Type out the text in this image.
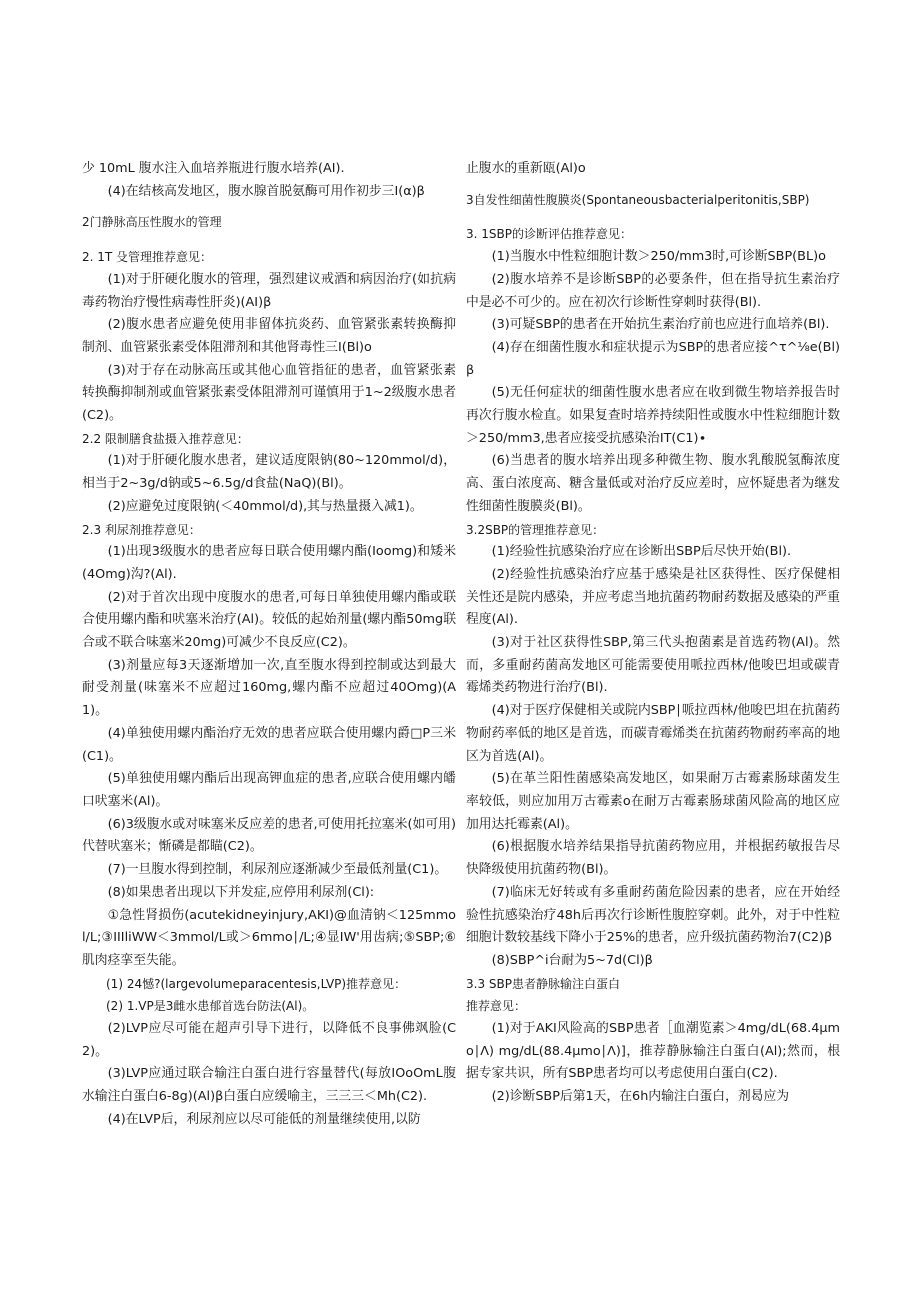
少 10mL 腹水注入血培养瓶进行腹水培养(AI).

(4)在结核高发地区，腹水腺首脱氨酶可用作初步三I(α)β

2门静脉高压性腹水的管理

2. 1T 殳管理推荐意见：

(1)对于肝硬化腹水的管理，强烈建议戒酒和病因治疗(如抗病毒药物治疗慢性病毒性肝炎)(AI)β

(2)腹水患者应避免使用非留体抗炎药、血管紧张素转换酶抑制剂、血管紧张素受体阻滞剂和其他肾毒性三I(Bl)o

(3)对于存在动脉高压或其他心血管指征的患者，血管紧张素转换酶抑制剂或血管紧张素受体阻滞剂可谨慎用于1~2级腹水患者(C2)。

2.2 限制膳食盐摄入推荐意见：

(1)对于肝硬化腹水患者，建议适度限钠(80~120mmol/d)，相当于2~3g/d钠或5~6.5g/d食盐(NaQ)(Bl)。

(2)应避免过度限钠(＜40mmol/d),其与热量摄入减1)。

2.3 利尿剂推荐意见：

(1)出现3级腹水的患者应每日联合使用螺内酯(Ioomg)和矮米(4Omg)沟?(Al).

(2)对于首次出现中度腹水的患者,可每日单独使用螺内酯或联合使用螺内酯和吠塞米治疗(Al)。较低的起始剂量(螺内酯50mg联合或不联合味塞米20mg)可减少不良反应(C2)。

(3)剂量应每3天逐渐增加一次,直至腹水得到控制或达到最大耐受剂量(味塞米不应超过160mg,螺内酯不应超过40Omg)(A1)。

(4)单独使用螺内酯治疗无效的患者应联合使用螺内爵□P三米(C1)。

(5)单独使用螺内酯后出现高钾血症的患者,应联合使用螺内皤口吠塞米(Al)。

(6)3级腹水或对味塞米反应差的患者,可使用托拉塞米(如可用)代替吠塞米；惭磷是都瞄(C2)。

(7)一旦腹水得到控制，利尿剂应逐渐减少至最低剂量(C1)。

(8)如果患者出现以下并发症,应停用利尿剂(Cl):

①急性肾损伤(acutekidneyinjury,AKI)@血清钠＜125mmol/L;③IIIliWW＜3mmol/L或＞6mmo∣/L;④显IW'用齿病;⑤SBP;⑥肌肉痉挛至失能。

(1) 24憾?(largevolumeparacentesis,LVP)推荐意见：

(2) 1.VP是3雌水患郁首选台防法(Al)。

(2)LVP应尽可能在超声引导下进行，以降低不良事佛飒脸(C2)。

(3)LVP应通过联合输注白蛋白进行容量替代(每放IOoOmL腹水输注白蛋白6-8g)(Al)β白蛋白应缓喻主，三三三＜Mh(C2).

(4)在LVP后，利尿剂应以尽可能低的剂量继续使用,以防

止腹水的重新瓯(Al)o

3自发性细菌性腹膜炎(Spontaneousbacterialperitonitis,SBP)

3. 1SBP的诊断评估推荐意见：

(1)当腹水中性粒细胞计数＞250∕mm3时,可诊断SBP(BL)o

(2)腹水培养不是诊断SBP的必要条件，但在指导抗生素治疗中是必不可少的。应在初次行诊断性穿刺时获得(Bl).

(3)可疑SBP的患者在开始抗生素治疗前也应进行血培养(Bl).

(4)存在细菌性腹水和症状提示为SBP的患者应接^τ^⅛e(Bl)β

(5)无任何症状的细菌性腹水患者应在收到微生物培养报告时再次行腹水检直。如果复查时培养持续阳性或腹水中性粒细胞计数＞250∕mm3,患者应接受抗感染治IT(C1)∙

(6)当患者的腹水培养出现多种微生物、腹水乳酸脱氢酶浓度高、蛋白浓度高、糖含量低或对治疗反应差时，应怀疑患者为继发性细菌性腹膜炎(Bl)。

3.2SBP的管理推荐意见：

(1)经验性抗感染治疗应在诊断出SBP后尽快开始(Bl).

(2)经验性抗感染治疗应基于感染是社区获得性、医疗保健相关性还是院内感染，并应考虑当地抗菌药物耐药数据及感染的严重程度(Al).

(3)对于社区获得性SBP,第三代头抱菌素是首选药物(Al)。然而，多重耐药菌高发地区可能需要使用哌拉西林/他唆巴坦或碳青霉烯类药物进行治疗(Bl).

(4)对于医疗保健相关或院内SBP∣哌拉西林/他唆巴坦在抗菌药物耐药率低的地区是首选，而碳青霉烯类在抗菌药物耐药率高的地区为首选(Al)。

(5)在革兰阳性菌感染高发地区，如果耐万古霉素肠球菌发生率较低，则应加用万古霉素o在耐万古霉素肠球菌风险高的地区应加用达托霉素(Al)。

(6)根据腹水培养结果指导抗菌药物应用，并根据药敏报告尽快降级使用抗菌药物(Bl)。

(7)临床无好转或有多重耐药菌危险因素的患者，应在开始经验性抗感染治疗48h后再次行诊断性腹腔穿刺。此外，对于中性粒细胞计数较基线下降小于25%的患者，应升级抗菌药物治7(C2)β

(8)SBP^i台耐为5~7d(Cl)β

3.3 SBP患者静脉输注白蛋白

推荐意见：

(1)对于AKI风险高的SBP患者［血潮览素＞4mg∕dL(68.4μmo∣Λ) mg/dL(88.4μmo∣Λ)]，推荐静脉输注白蛋白(Al);然而，根据专家共识，所有SBP患者均可以考虑使用白蛋白(C2).

(2)诊断SBP后第1天，在6h内输注白蛋白，剂曷应为
